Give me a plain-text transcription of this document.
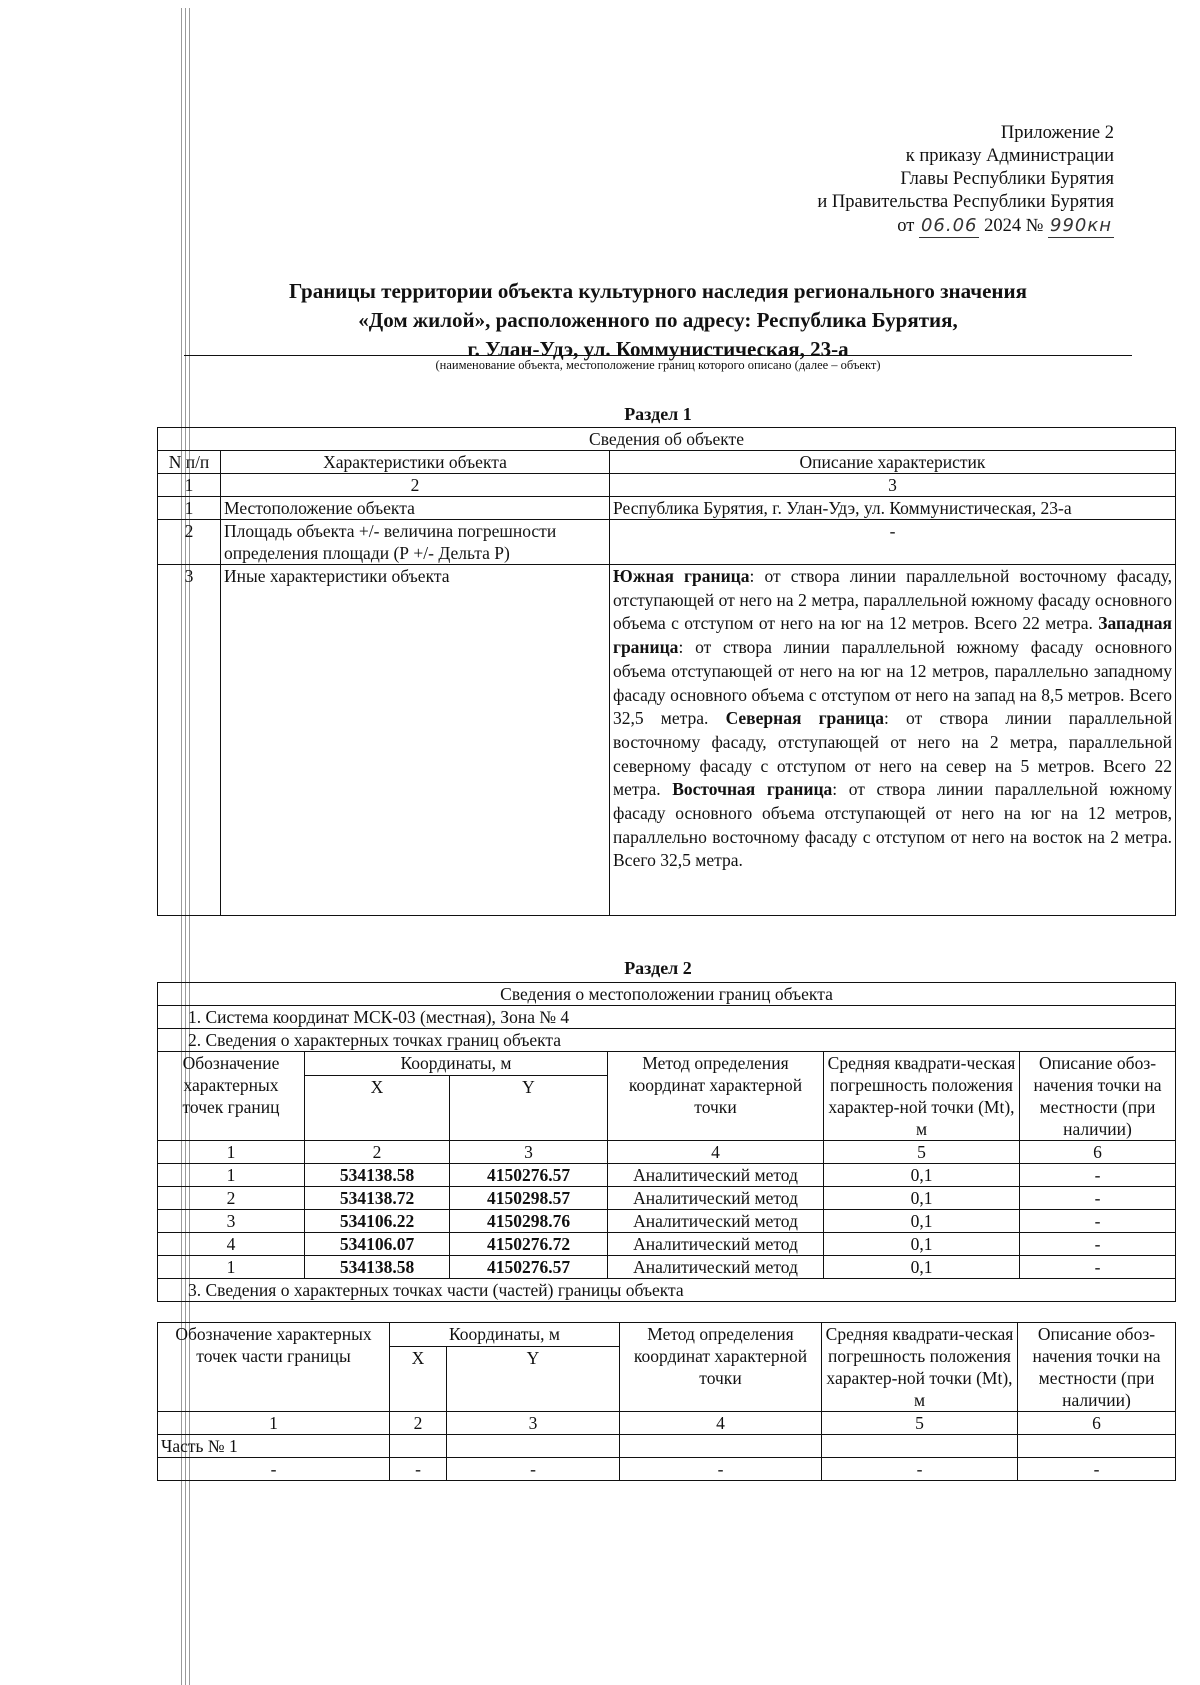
Приложение 2
к приказу Администрации
Главы Республики Бурятия
и Правительства Республики Бурятия
от 06.06 2024 № 990кн
Границы территории объекта культурного наследия регионального значения
«Дом жилой», расположенного по адресу: Республика Бурятия,
г. Улан-Удэ, ул. Коммунистическая, 23-а
(наименование объекта, местоположение границ которого описано (далее – объект)
Раздел 1
Сведения об объекте		
N п/п	Характеристики объекта	Описание характеристик
1	2	3
1	Местоположение объекта	Республика Бурятия, г. Улан-Удэ, ул. Коммунистическая, 23-а
2	Площадь объекта +/- величина погрешности определения площади (Р +/- Дельта Р)	-
3	Иные характеристики объекта	Южная граница: от створа линии параллельной восточному фасаду, отступающей от него на 2 метра, параллельной южному фасаду основного объема с отступом от него на юг на 12 метров. Всего 22 метра. Западная граница: от створа линии параллельной южному фасаду основного объема отступающей от него на юг на 12 метров, параллельно западному фасаду основного объема с отступом от него на запад на 8,5 метров. Всего 32,5 метра. Северная граница: от створа линии параллельной восточному фасаду, отступающей от него на 2 метра, параллельной северному фасаду с отступом от него на север на 5 метров. Всего 22 метра. Восточная граница: от створа линии параллельной южному фасаду основного объема отступающей от него на юг на 12 метров, параллельно восточному фасаду с отступом от него на восток на 2 метра. Всего 32,5 метра.
Раздел 2
Сведения о местоположении границ объекта					
1. Система координат МСК-03 (местная), Зона № 4					
2. Сведения о характерных точках границ объекта					
Обозначение характерных точек границ	Координаты, м		Метод определения координат характерной точки	Средняя квадрати-ческая погрешность положения характер-ной точки (Mt), м	Описание обоз-начения точки на местности (при наличии)
	X	Y			
1	2	3	4	5	6
1	534138.58	4150276.57	Аналитический метод	0,1	-
2	534138.72	4150298.57	Аналитический метод	0,1	-
3	534106.22	4150298.76	Аналитический метод	0,1	-
4	534106.07	4150276.72	Аналитический метод	0,1	-
1	534138.58	4150276.57	Аналитический метод	0,1	-
3. Сведения о характерных точках части (частей) границы объекта					
Обозначение характерных точек части границы	Координаты, м		Метод определения координат характерной точки	Средняя квадрати-ческая погрешность положения характер-ной точки (Mt), м	Описание обоз-начения точки на местности (при наличии)
	X	Y			
1	2	3	4	5	6
Часть № 1					
-	-	-	-	-	-
